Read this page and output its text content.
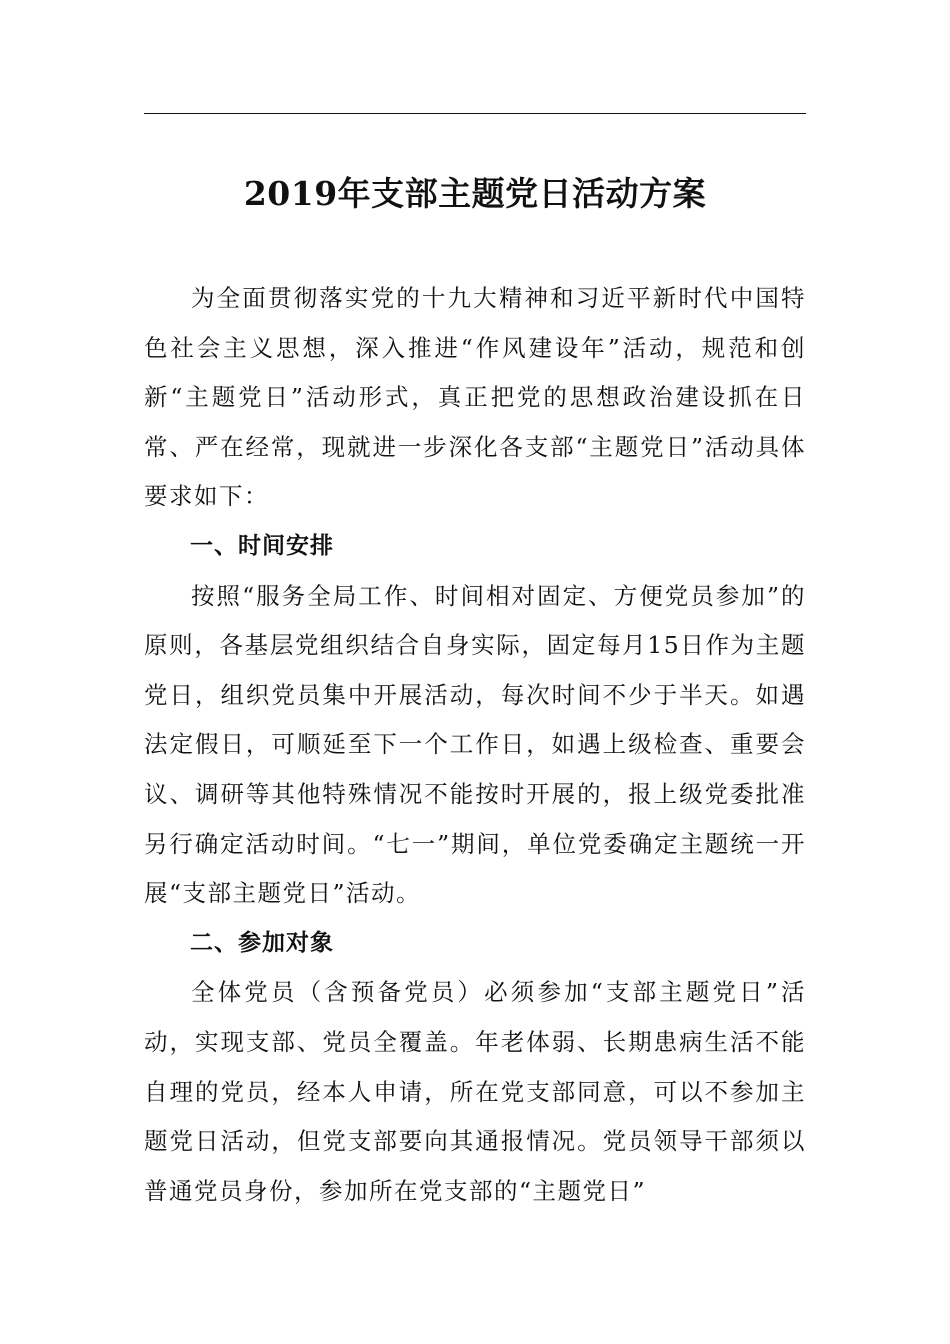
2019年支部主题党日活动方案

为全面贯彻落实党的十九大精神和习近平新时代中国特色社会主义思想，深入推进“作风建设年”活动，规范和创新“主题党日”活动形式，真正把党的思想政治建设抓在日常、严在经常，现就进一步深化各支部“主题党日”活动具体要求如下：

一、时间安排

按照“服务全局工作、时间相对固定、方便党员参加”的原则，各基层党组织结合自身实际，固定每月15日作为主题党日，组织党员集中开展活动，每次时间不少于半天。如遇法定假日，可顺延至下一个工作日，如遇上级检查、重要会议、调研等其他特殊情况不能按时开展的，报上级党委批准另行确定活动时间。“七一”期间，单位党委确定主题统一开展“支部主题党日”活动。

二、参加对象

全体党员（含预备党员）必须参加“支部主题党日”活动，实现支部、党员全覆盖。年老体弱、长期患病生活不能自理的党员，经本人申请，所在党支部同意，可以不参加主题党日活动，但党支部要向其通报情况。党员领导干部须以普通党员身份，参加所在党支部的“主题党日”
